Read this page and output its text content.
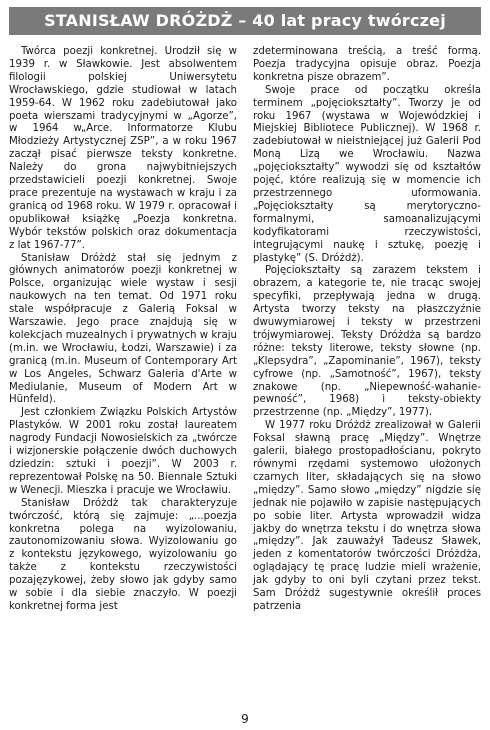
STANISŁAW DRÓŻDŻ – 40 lat pracy twórczej

Twórca poezji konkretnej. Urodził się w 1939 r. w Sławkowie. Jest absolwentem filologii polskiej Uniwersytetu Wrocławskiego, gdzie studiował w latach 1959-64. W 1962 roku zadebiutował jako poeta wierszami tradycyjnymi w „Agorze”, w 1964 w„Arce. Informatorze Klubu Młodzieży Artystycznej ZSP”, a w roku 1967 zaczął pisać pierwsze teksty konkretne. Należy do grona najwybitniejszych przedstawicieli poezji konkretnej. Swoje prace prezentuje na wystawach w kraju i za granicą od 1968 roku. W 1979 r. opracował i opublikował książkę „Poezja konkretna. Wybór tekstów polskich oraz dokumentacja z lat 1967-77”.

Stanisław Dróżdż stał się jednym z głównych animatorów poezji konkretnej w Polsce, organizując wiele wystaw i sesji naukowych na ten temat. Od 1971 roku stale współpracuje z Galerią Foksal w Warszawie. Jego prace znajdują się w kolekcjach muzealnych i prywatnych w kraju (m.in. we Wrocławiu, Łodzi, Warszawie) i za granicą (m.in. Museum of Contemporary Art w Los Angeles, Schwarz Galeria d'Arte w Mediulanie, Museum of Modern Art w Hünfeld).

Jest członkiem Związku Polskich Artystów Plastyków. W 2001 roku został laureatem nagrody Fundacji Nowosielskich za „twórcze i wizjonerskie połączenie dwóch duchowych dziedzin: sztuki i poezji”. W 2003 r. reprezentował Polskę na 50. Biennale Sztuki w Wenecji. Mieszka i pracuje we Wrocławiu.

Stanisław Dróżdż tak charakteryzuje twórczość, którą się zajmuje: „...poezja konkretna polega na wyizolowaniu, zautonomizowaniu słowa. Wyizolowaniu go z kontekstu językowego, wyizolowaniu go także z kontekstu rzeczywistości pozajęzykowej, żeby słowo jak gdyby samo w sobie i dla siebie znaczyło. W poezji konkretnej forma jest

zdeterminowana treścią, a treść formą. Poezja tradycyjna opisuje obraz. Poezja konkretna pisze obrazem”.

Swoje prace od początku określa terminem „pojęciokształty”. Tworzy je od roku 1967 (wystawa w Wojewódzkiej i Miejskiej Bibliotece Publicznej). W 1968 r. zadebiutował w nieistniejącej już Galerii Pod Moną Lizą we Wrocławiu. Nazwa „pojęciokształty” wywodzi się od kształtów pojęć, które realizują się w momencie ich przestrzennego uformowania. „Pojęciokształty są merytoryczno-formalnymi, samoanalizującymi kodyfikatorami rzeczywistości, integrującymi naukę i sztukę, poezję i plastykę” (S. Dróżdż).

Pojęciokształty są zarazem tekstem i obrazem, a kategorie te, nie tracąc swojej specyfiki, przepływają jedna w drugą. Artysta tworzy teksty na płaszczyźnie dwuwymiarowej i teksty w przestrzeni trójwymiarowej. Teksty Dróżdża są bardzo różne: teksty literowe, teksty słowne (np. „Klepsydra”, „Zapominanie”, 1967), teksty cyfrowe (np. „Samotność”, 1967), teksty znakowe (np. „Niepewność-wahanie-pewność”, 1968) i teksty-obiekty przestrzenne (np. „Między”, 1977).

W 1977 roku Dróżdż zrealizował w Galerii Foksal sławną pracę „Między”. Wnętrze galerii, białego prostopadłościanu, pokryto równymi rzędami systemowo ułożonych czarnych liter, składających się na słowo „między”. Samo słowo „między” nigdzie się jednak nie pojawiło w zapisie następujących po sobie liter. Artysta wprowadził widza jakby do wnętrza tekstu i do wnętrza słowa „między”. Jak zauważył Tadeusz Sławek, jeden z komentatorów twórczości Dróżdża, oglądający tę pracę ludzie mieli wrażenie, jak gdyby to oni byli czytani przez tekst. Sam Dróżdż sugestywnie określił proces patrzenia

9
